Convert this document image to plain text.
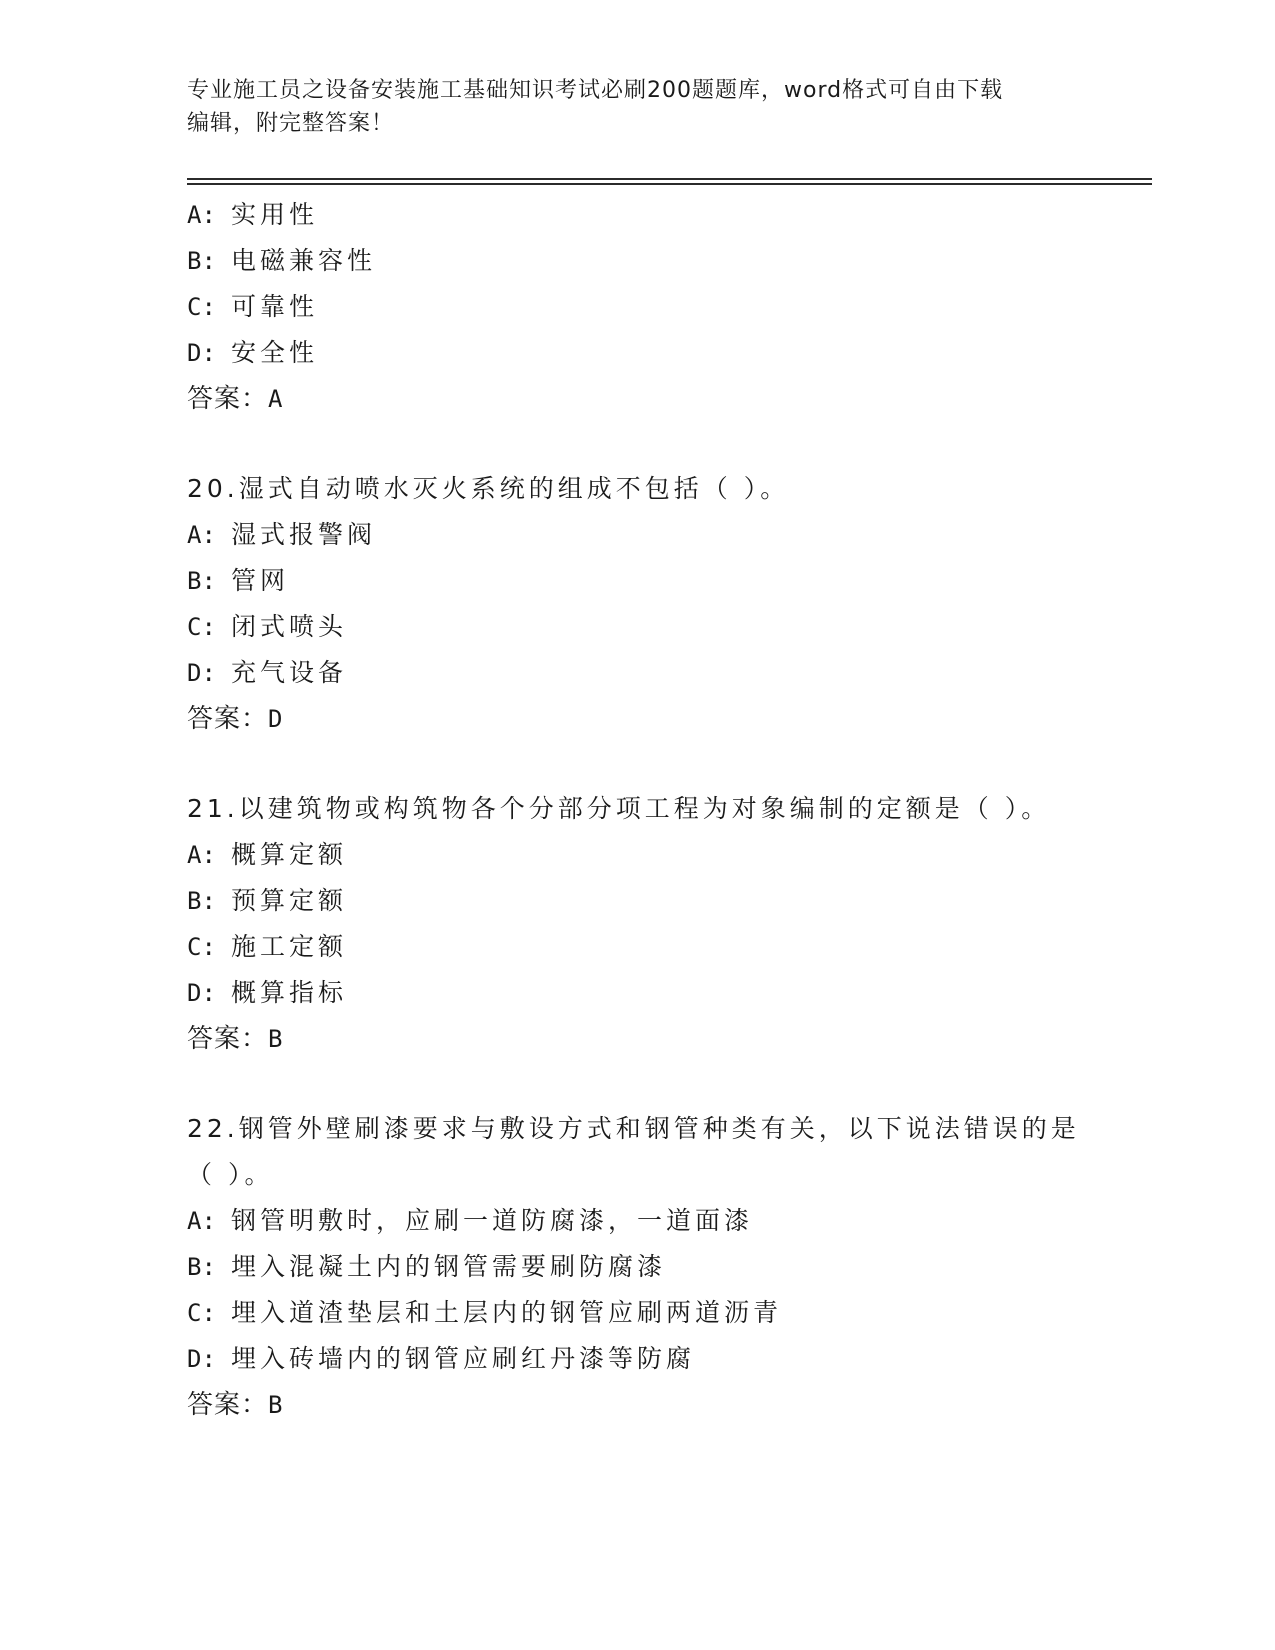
专业施工员之设备安装施工基础知识考试必刷200题题库，word格式可自由下载
编辑，附完整答案！
A: 实用性
B: 电磁兼容性
C: 可靠性
D: 安全性
答案：A
20.湿式自动喷水灭火系统的组成不包括（ ）。
A: 湿式报警阀
B: 管网
C: 闭式喷头
D: 充气设备
答案：D
21.以建筑物或构筑物各个分部分项工程为对象编制的定额是（ ）。
A: 概算定额
B: 预算定额
C: 施工定额
D: 概算指标
答案：B
22.钢管外壁刷漆要求与敷设方式和钢管种类有关，以下说法错误的是
（ ）。
A: 钢管明敷时，应刷一道防腐漆，一道面漆
B: 埋入混凝土内的钢管需要刷防腐漆
C: 埋入道渣垫层和土层内的钢管应刷两道沥青
D: 埋入砖墙内的钢管应刷红丹漆等防腐
答案：B
